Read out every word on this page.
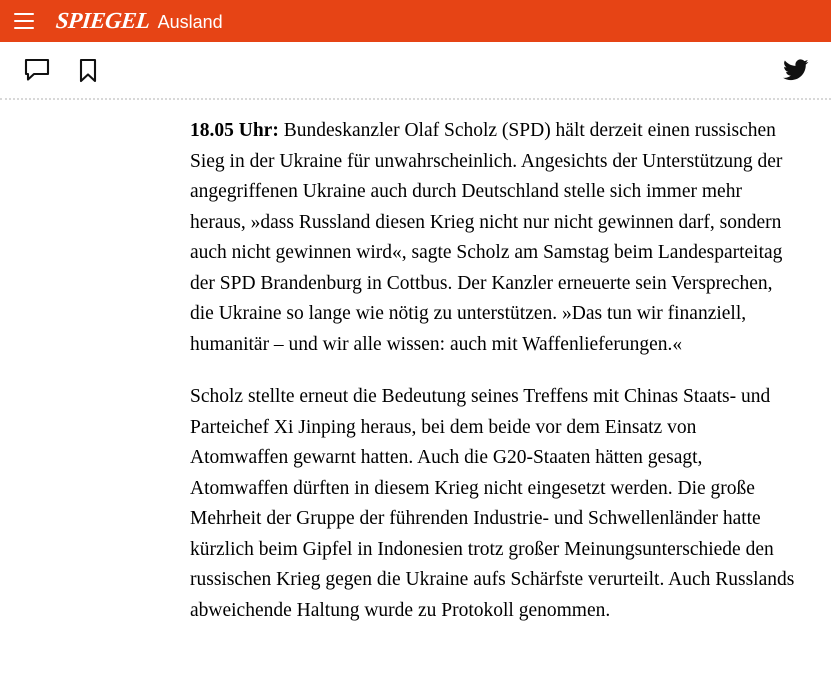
SPIEGEL Ausland

18.05 Uhr: Bundeskanzler Olaf Scholz (SPD) hält derzeit einen russischen Sieg in der Ukraine für unwahrscheinlich. Angesichts der Unterstützung der angegriffenen Ukraine auch durch Deutschland stelle sich immer mehr heraus, »dass Russland diesen Krieg nicht nur nicht gewinnen darf, sondern auch nicht gewinnen wird«, sagte Scholz am Samstag beim Landesparteitag der SPD Brandenburg in Cottbus. Der Kanzler erneuerte sein Versprechen, die Ukraine so lange wie nötig zu unterstützen. »Das tun wir finanziell, humanitär – und wir alle wissen: auch mit Waffenlieferungen.«

Scholz stellte erneut die Bedeutung seines Treffens mit Chinas Staats- und Parteichef Xi Jinping heraus, bei dem beide vor dem Einsatz von Atomwaffen gewarnt hatten. Auch die G20-Staaten hätten gesagt, Atomwaffen dürften in diesem Krieg nicht eingesetzt werden. Die große Mehrheit der Gruppe der führenden Industrie- und Schwellenländer hatte kürzlich beim Gipfel in Indonesien trotz großer Meinungsunterschiede den russischen Krieg gegen die Ukraine aufs Schärfste verurteilt. Auch Russlands abweichende Haltung wurde zu Protokoll genommen.
